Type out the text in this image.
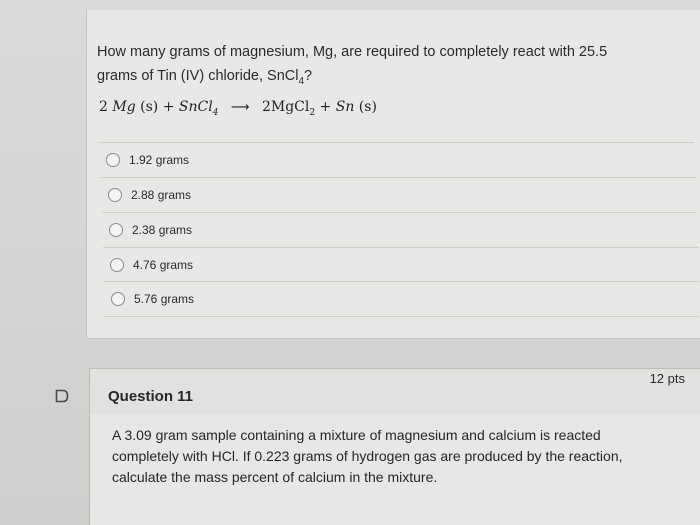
How many grams of magnesium, Mg, are required to completely react with 25.5
grams of Tin (IV) chloride, SnCl$_4$?
2 Mg (s) + SnCl$_4$ ⟶ 2MgCl$_2$ + Sn (s)
1.92 grams
2.88 grams
2.38 grams
4.76 grams
5.76 grams
Question 11
12 pts
A 3.09 gram sample containing a mixture of magnesium and calcium is reacted
completely with HCl. If 0.223 grams of hydrogen gas are produced by the reaction,
calculate the mass percent of calcium in the mixture.
